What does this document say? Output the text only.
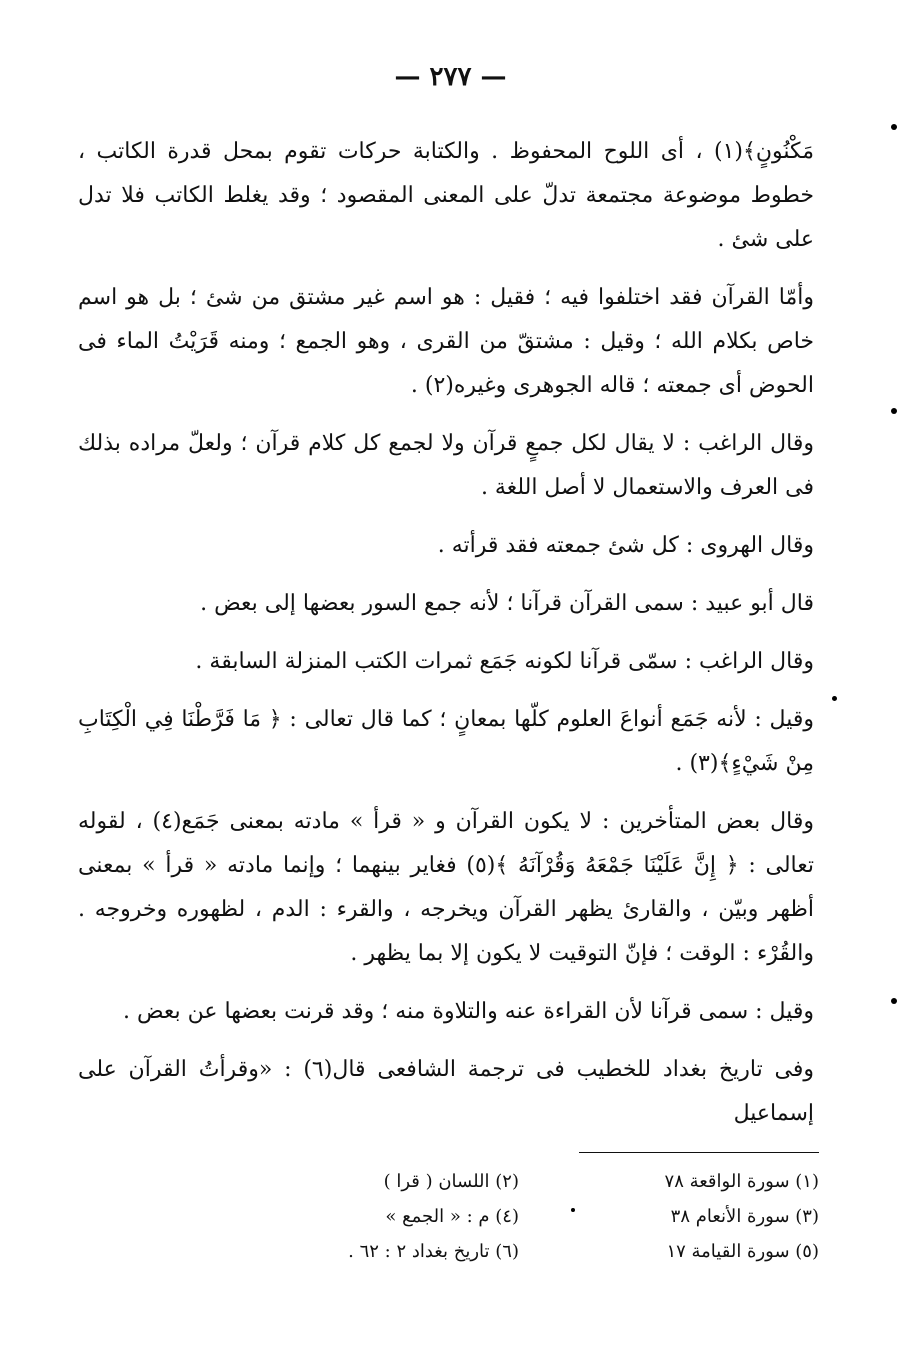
— ٢٧٧ —

مَكْنُونٍ﴾(١) ، أى اللوح المحفوظ . والكتابة حركات تقوم بمحل قدرة الكاتب ، خطوط موضوعة مجتمعة تدلّ على المعنى المقصود ؛ وقد يغلط الكاتب فلا تدل على شئ .

وأمّا القرآن فقد اختلفوا فيه ؛ فقيل : هو اسم غير مشتق من شئ ؛ بل هو اسم خاص بكلام الله ؛ وقيل : مشتقّ من القرى ، وهو الجمع ؛ ومنه قَرَيْتُ الماء فى الحوض أى جمعته ؛ قاله الجوهرى وغيره(٢) .

وقال الراغب : لا يقال لكل جمعٍ قرآن ولا لجمع كل كلام قرآن ؛ ولعلّ مراده بذلك فى العرف والاستعمال لا أصل اللغة .

وقال الهروى : كل شئ جمعته فقد قرأته .

قال أبو عبيد : سمى القرآن قرآنا ؛ لأنه جمع السور بعضها إلى بعض .

وقال الراغب : سمّى قرآنا لكونه جَمَع ثمرات الكتب المنزلة السابقة .

وقيل : لأنه جَمَع أنواعَ العلوم كلّها بمعانٍ ؛ كما قال تعالى : ﴿ مَا فَرَّطْنَا فِي الْكِتَابِ مِنْ شَيْءٍ﴾(٣) .

وقال بعض المتأخرين : لا يكون القرآن و « قرأ » مادته بمعنى جَمَع(٤) ، لقوله تعالى : ﴿ إِنَّ عَلَيْنَا جَمْعَهُ وَقُرْآنَهُ ﴾(٥) فغاير بينهما ؛ وإنما مادته « قرأ » بمعنى أظهر وبيّن ، والقارئ يظهر القرآن ويخرجه ، والقرء : الدم ، لظهوره وخروجه . والقُرْء : الوقت ؛ فإنّ التوقيت لا يكون إلا بما يظهر .

وقيل : سمى قرآنا لأن القراءة عنه والتلاوة منه ؛ وقد قرنت بعضها عن بعض .

وفى تاريخ بغداد للخطيب فى ترجمة الشافعى قال(٦) : «وقرأتُ القرآن على إسماعيل

(١) سورة الواقعة ٧٨
(٢) اللسان ( قرا )
(٣) سورة الأنعام ٣٨
(٤) م : « الجمع »
(٥) سورة القيامة ١٧
(٦) تاريخ بغداد ٢ : ٦٢ .
